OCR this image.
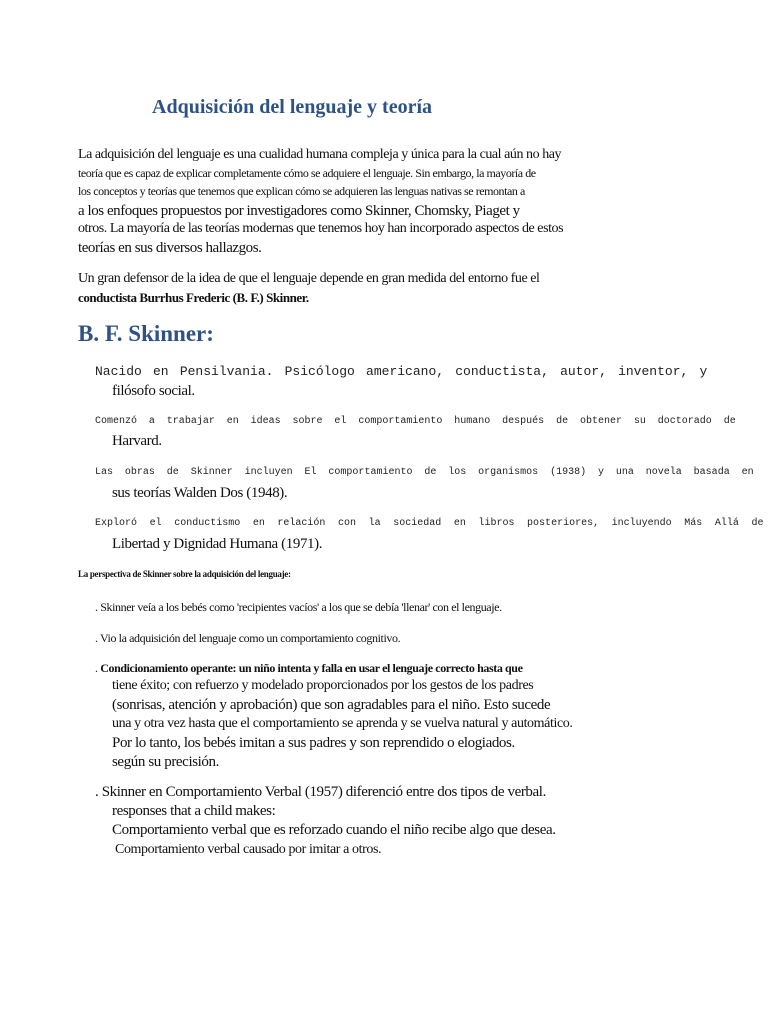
Adquisición del lenguaje y teoría
La adquisición del lenguaje es una cualidad humana compleja y única para la cual aún no hay
teoría que es capaz de explicar completamente cómo se adquiere el lenguaje. Sin embargo, la mayoría de
los conceptos y teorías que tenemos que explican cómo se adquieren las lenguas nativas se remontan a
a los enfoques propuestos por investigadores como Skinner, Chomsky, Piaget y
otros. La mayoría de las teorías modernas que tenemos hoy han incorporado aspectos de estos
teorías en sus diversos hallazgos.
Un gran defensor de la idea de que el lenguaje depende en gran medida del entorno fue el
conductista Burrhus Frederic (B. F.) Skinner.
B. F. Skinner:
Nacido en Pensilvania. Psicólogo americano, conductista, autor, inventor, y
filósofo social.
Comenzó a trabajar en ideas sobre el comportamiento humano después de obtener su doctorado de
Harvard.
Las obras de Skinner incluyen El comportamiento de los organismos (1938) y una novela basada en
sus teorías Walden Dos (1948).
Exploró el conductismo en relación con la sociedad en libros posteriores, incluyendo Más Allá de
Libertad y Dignidad Humana (1971).
La perspectiva de Skinner sobre la adquisición del lenguaje:
. Skinner veía a los bebés como 'recipientes vacíos' a los que se debía 'llenar' con el lenguaje.
. Vio la adquisición del lenguaje como un comportamiento cognitivo.
. Condicionamiento operante: un niño intenta y falla en usar el lenguaje correcto hasta que
tiene éxito; con refuerzo y modelado proporcionados por los gestos de los padres
(sonrisas, atención y aprobación) que son agradables para el niño. Esto sucede
una y otra vez hasta que el comportamiento se aprenda y se vuelva natural y automático.
Por lo tanto, los bebés imitan a sus padres y son reprendido o elogiados.
según su precisión.
. Skinner en Comportamiento Verbal (1957) diferenció entre dos tipos de verbal.
responses that a child makes:
Comportamiento verbal que es reforzado cuando el niño recibe algo que desea.
Comportamiento verbal causado por imitar a otros.
